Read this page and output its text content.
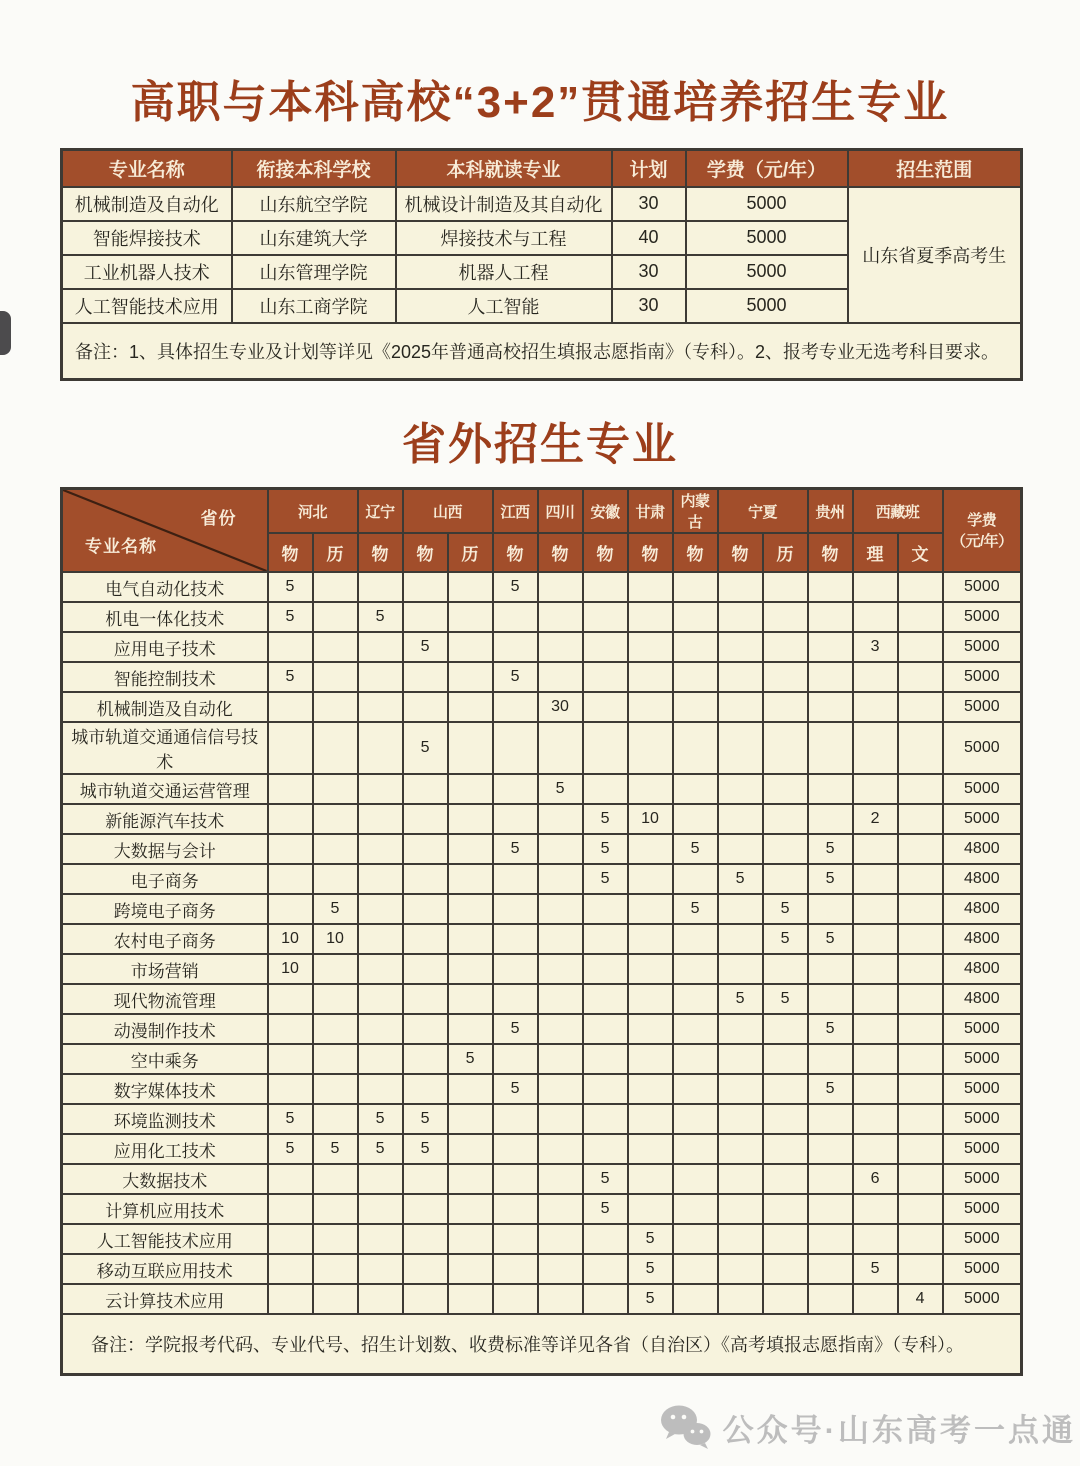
高职与本科高校“3+2”贯通培养招生专业
专业名称	衔接本科学校	本科就读专业	计划	学费（元/年）	招生范围
机械制造及自动化	山东航空学院	机械设计制造及其自动化	30	5000	山东省夏季高考生
智能焊接技术	山东建筑大学	焊接技术与工程	40	5000	
工业机器人技术	山东管理学院	机器人工程	30	5000	
人工智能技术应用	山东工商学院	人工智能	30	5000	
备注：1、具体招生专业及计划等详见《2025年普通高校招生填报志愿指南》（专科）。2、报考专业无选考科目要求。					
省外招生专业
省份
专业名称	河北		辽宁	山西		江西	四川	安徽	甘肃	内蒙古	宁夏		贵州	西藏班		学费
（元/年）
	物	历	物	物	历	物	物	物	物	物	物	历	物	理	文	
电气自动化技术	5					5										5000
机电一体化技术	5		5													5000
应用电子技术				5										3		5000
智能控制技术	5					5										5000
机械制造及自动化							30									5000
城市轨道交通通信信号技术				5												5000
城市轨道交通运营管理							5									5000
新能源汽车技术								5	10					2		5000
大数据与会计						5		5		5			5			4800
电子商务								5			5		5			4800
跨境电子商务		5								5		5				4800
农村电子商务	10	10										5	5			4800
市场营销	10															4800
现代物流管理											5	5				4800
动漫制作技术						5							5			5000
空中乘务					5											5000
数字媒体技术						5							5			5000
环境监测技术	5		5	5												5000
应用化工技术	5	5	5	5												5000
大数据技术								5						6		5000
计算机应用技术								5								5000
人工智能技术应用									5							5000
移动互联应用技术									5					5		5000
云计算技术应用									5						4	5000
备注：学院报考代码、专业代号、招生计划数、收费标准等详见各省（自治区）《高考填报志愿指南》（专科）。																
公众号·山东高考一点通
